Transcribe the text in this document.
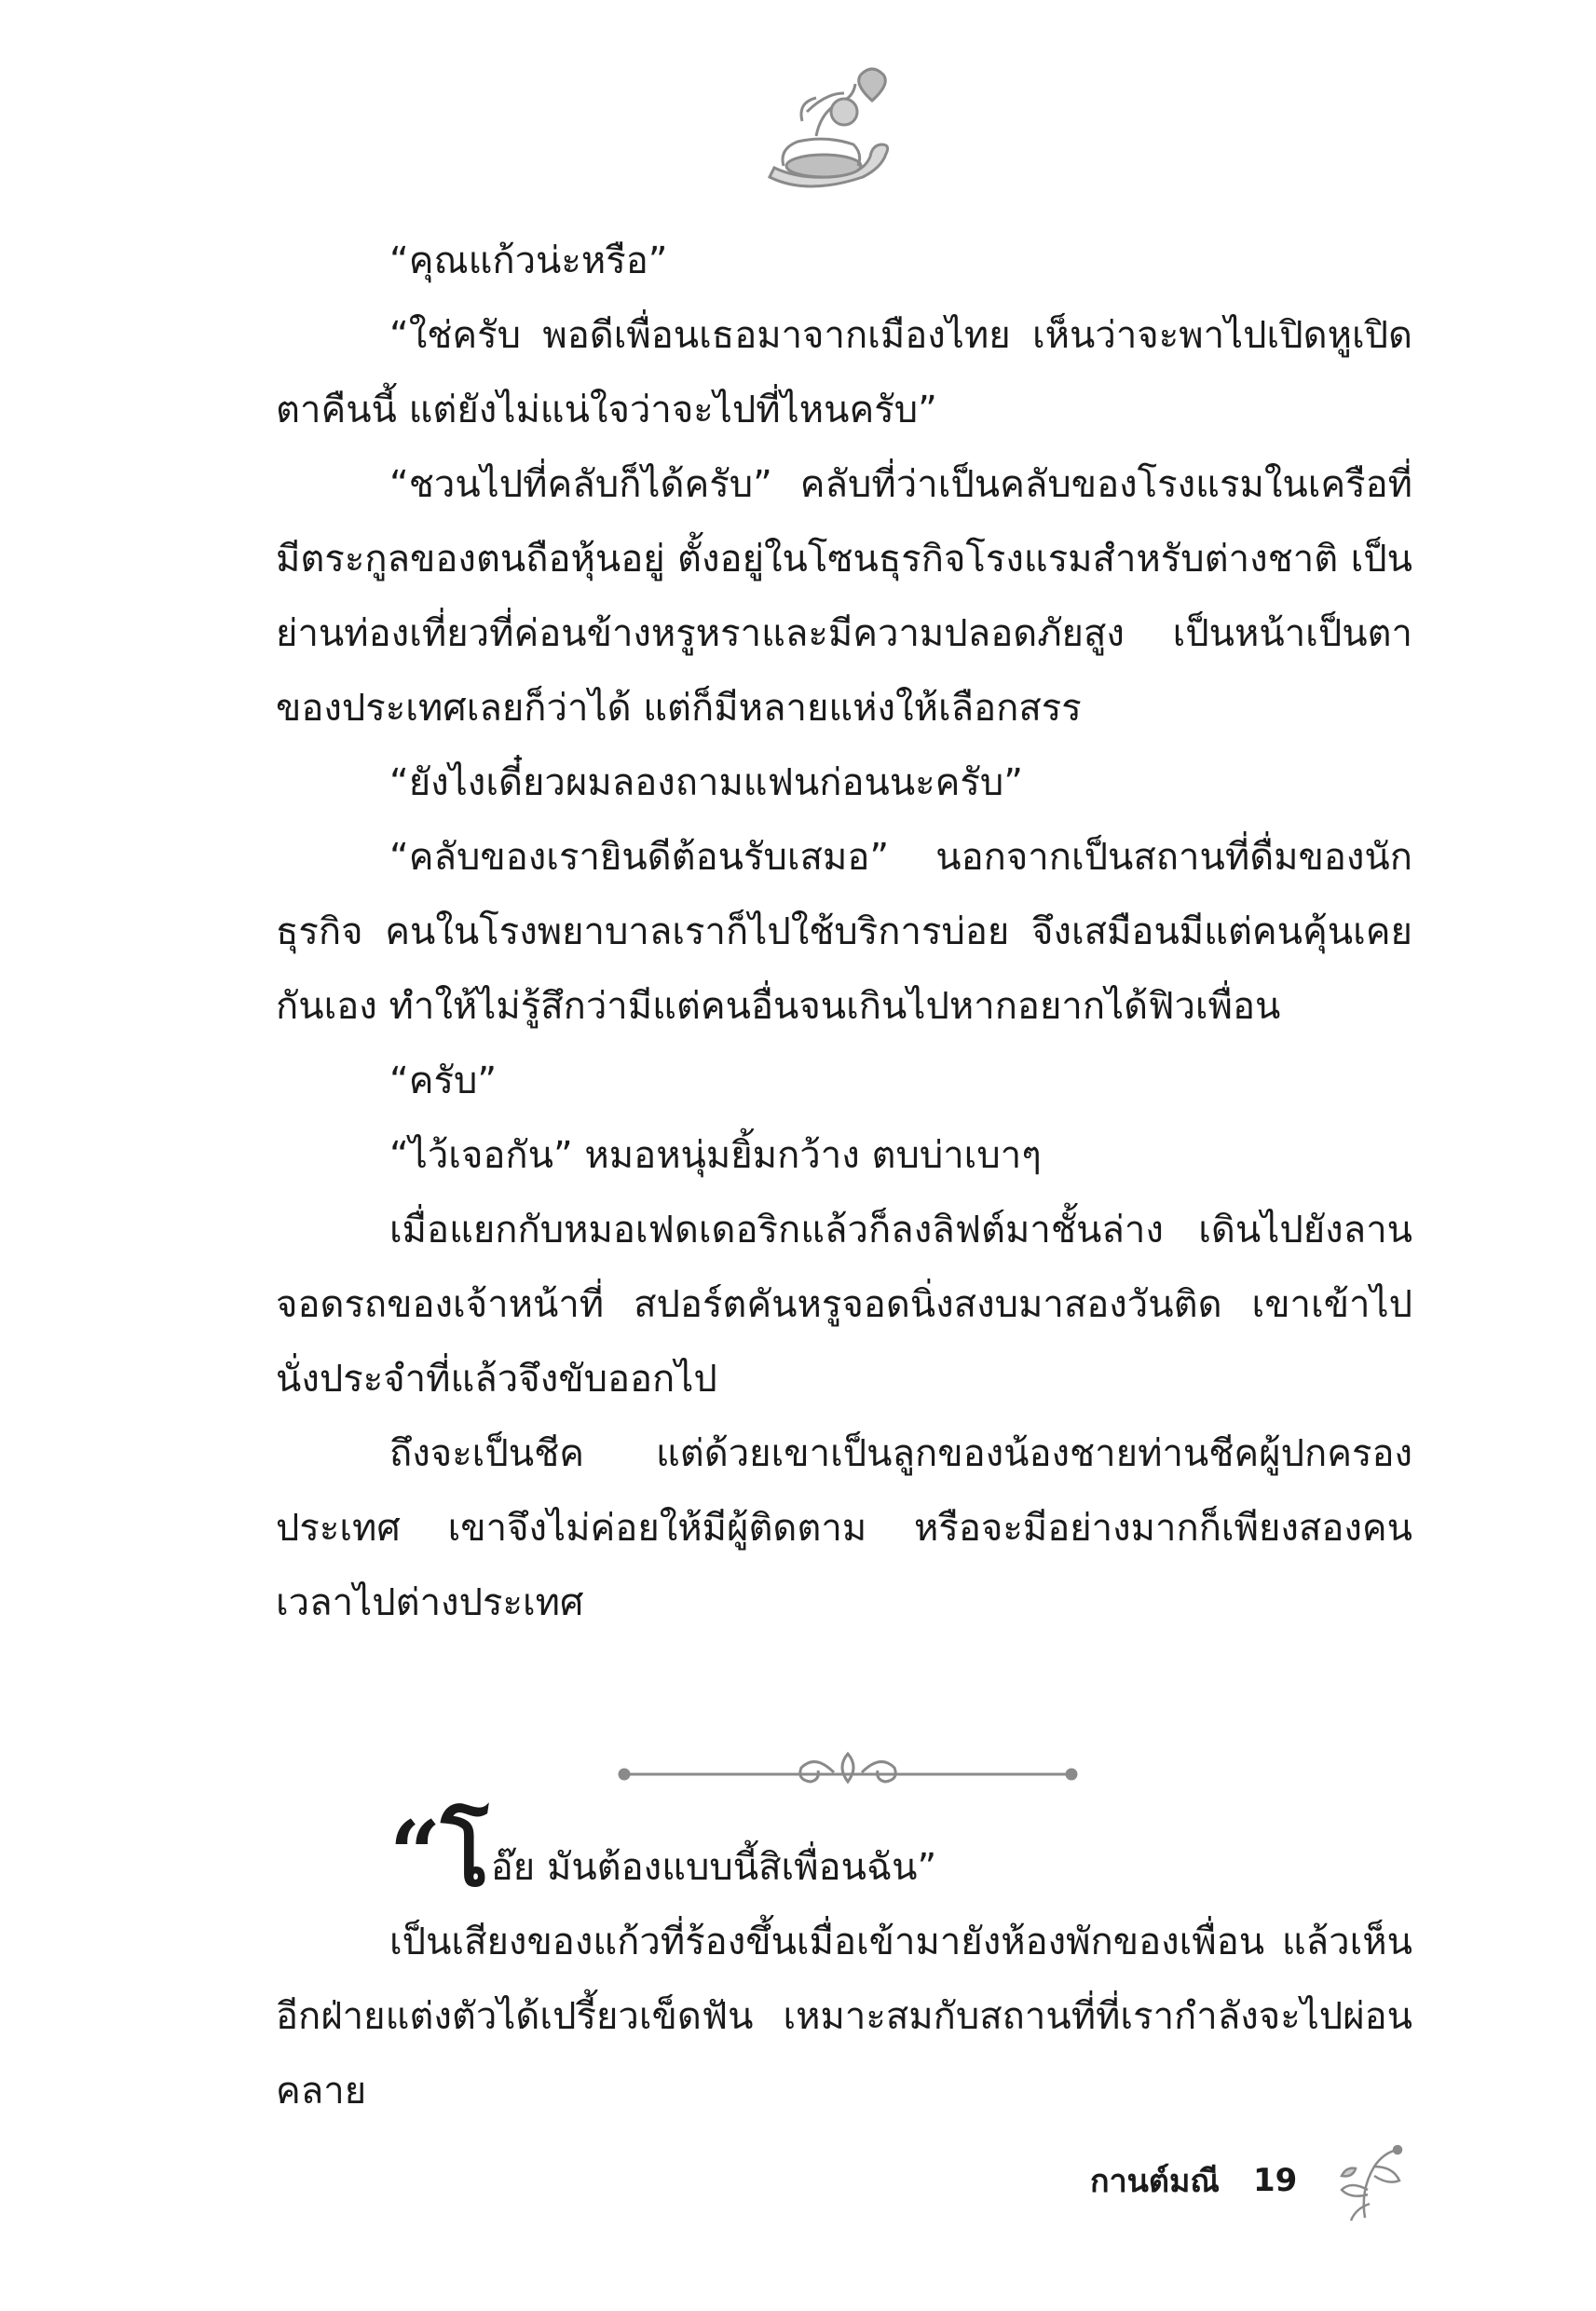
“คุณแก้วน่ะหรือ”

“ใช่ครับ พอดีเพื่อนเธอมาจากเมืองไทย เห็นว่าจะพาไปเปิดหูเปิดตาคืนนี้ แต่ยังไม่แน่ใจว่าจะไปที่ไหนครับ”

“ชวนไปที่คลับก็ได้ครับ” คลับที่ว่าเป็นคลับของโรงแรมในเครือที่มีตระกูลของตนถือหุ้นอยู่ ตั้งอยู่ในโซนธุรกิจโรงแรมสำหรับต่างชาติ เป็นย่านท่องเที่ยวที่ค่อนข้างหรูหราและมีความปลอดภัยสูง เป็นหน้าเป็นตาของประเทศเลยก็ว่าได้ แต่ก็มีหลายแห่งให้เลือกสรร

“ยังไงเดี๋ยวผมลองถามแฟนก่อนนะครับ”

“คลับของเรายินดีต้อนรับเสมอ” นอกจากเป็นสถานที่ดื่มของนักธุรกิจ คนในโรงพยาบาลเราก็ไปใช้บริการบ่อย จึงเสมือนมีแต่คนคุ้นเคยกันเอง ทำให้ไม่รู้สึกว่ามีแต่คนอื่นจนเกินไปหากอยากได้ฟิวเพื่อน

“ครับ”

“ไว้เจอกัน” หมอหนุ่มยิ้มกว้าง ตบบ่าเบาๆ

เมื่อแยกกับหมอเฟดเดอริกแล้วก็ลงลิฟต์มาชั้นล่าง เดินไปยังลานจอดรถของเจ้าหน้าที่ สปอร์ตคันหรูจอดนิ่งสงบมาสองวันติด เขาเข้าไปนั่งประจำที่แล้วจึงขับออกไป

ถึงจะเป็นชีค แต่ด้วยเขาเป็นลูกของน้องชายท่านชีคผู้ปกครองประเทศ เขาจึงไม่ค่อยให้มีผู้ติดตาม หรือจะมีอย่างมากก็เพียงสองคนเวลาไปต่างประเทศ

“โอ๊ย มันต้องแบบนี้สิเพื่อนฉัน”

เป็นเสียงของแก้วที่ร้องขึ้นเมื่อเข้ามายังห้องพักของเพื่อน แล้วเห็นอีกฝ่ายแต่งตัวได้เปรี้ยวเข็ดฟัน เหมาะสมกับสถานที่ที่เรากำลังจะไปผ่อนคลาย

กานต์มณี 19
